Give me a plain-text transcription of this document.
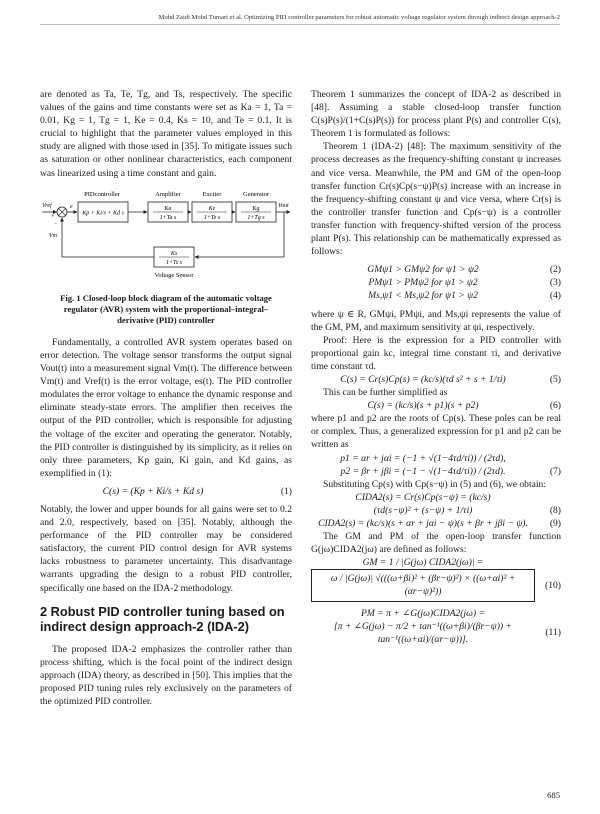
Mohd Zaidi Mohd Tumari et al. Optimizing PID controller parameters for robust automatic voltage regulator system through indirect design approach-2

are denoted as Ta, Te, Tg, and Ts, respectively. The specific values of the gains and time constants were set as Ka = 1, Ta = 0.01, Kg = 1, Tg = 1, Ke = 0.4, Ks = 10, and Te = 0.1. It is crucial to highlight that the parameter values employed in this study are aligned with those used in [35]. To mitigate issues such as saturation or other nonlinear characteristics, each component was linearized using a time constant and gain.

PIDcontroller	Amplifier	Exciter	Generator
Vref
+
−
e
Kp + Ki/s + Kd s
Ka
1+Ta s
Ke
1+Te s
Kg
1+Tg s
Vout
Ks
1+Ts s
Voltage Sensor
Vm
Fig. 1 Closed-loop block diagram of the automatic voltage regulator (AVR) system with the proportional–integral–derivative (PID) controller

Fundamentally, a controlled AVR system operates based on error detection. The voltage sensor transforms the output signal Vout(t) into a measurement signal Vm(t). The difference between Vm(t) and Vref(t) is the error voltage, es(t). The PID controller modulates the error voltage to enhance the dynamic response and eliminate steady-state errors. The amplifier then receives the output of the PID controller, which is responsible for adjusting the voltage of the exciter and operating the generator. Notably, the PID controller is distinguished by its simplicity, as it relies on only three parameters, Kp gain, Ki gain, and Kd gains, as exemplified in (1):

C(s) = (Kp + Ki/s + Kd s)	(1)

Notably, the lower and upper bounds for all gains were set to 0.2 and 2.0, respectively, based on [35]. Notably, although the performance of the PID controller may be considered satisfactory, the current PID control design for AVR systems lacks robustness to parameter uncertainty. This disadvantage warrants upgrading the design to a robust PID controller, specifically one based on the IDA-2 methodology.

2 Robust PID controller tuning based on indirect design approach-2 (IDA-2)

The proposed IDA-2 emphasizes the controller rather than process shifting, which is the focal point of the indirect design approach (IDA) theory, as described in [50]. This implies that the proposed PID tuning rules rely exclusively on the parameters of the optimized PID controller.

Theorem 1 summarizes the concept of IDA-2 as described in [48]. Assuming a stable closed-loop transfer function C(s)P(s)/(1+C(s)P(s)) for process plant P(s) and controller C(s), Theorem 1 is formulated as follows:

Theorem 1 (IDA-2) [48]: The maximum sensitivity of the process decreases as the frequency-shifting constant ψ increases and vice versa. Meanwhile, the PM and GM of the open-loop transfer function Cr(s)Cp(s−ψ)P(s) increase with an increase in the frequency-shifting constant ψ and vice versa, where Cr(s) is the controller transfer function and Cp(s−ψ) is a controller transfer function with frequency-shifted version of the process plant P(s). This relationship can be mathematically expressed as follows:

GMψ1 > GMψ2 for ψ1 > ψ2	(2)
PMψ1 > PMψ2 for ψ1 > ψ2	(3)
Ms,ψ1 < Ms,ψ2 for ψ1 > ψ2	(4)

where ψ ∈ R, GMψi, PMψi, and Ms,ψi represents the value of the GM, PM, and maximum sensitivity at ψi, respectively.

Proof: Here is the expression for a PID controller with proportional gain kc, integral time constant τi, and derivative time constant τd.

C(s) = Cr(s)Cp(s) = (kc/s)(τd s² + s + 1/τi)	(5)

This can be further simplified as

C(s) = (kc/s)(s + p1)(s + p2)	(6)

where p1 and p2 are the roots of Cp(s). These poles can be real or complex. Thus, a generalized expression for p1 and p2 can be written as

p1 = αr + jαi = (−1 + √(1−4τd/τi)) / (2τd),
p2 = βr + jβi = (−1 − √(1−4τd/τi)) / (2τd).	(7)

Substituting Cp(s) with Cp(s−ψ) in (5) and (6), we obtain:

CIDA2(s) = Cr(s)Cp(s−ψ) = (kc/s)
(τd(s−ψ)² + (s−ψ) + 1/τi)	(8)
CIDA2(s) = (kc/s)(s + αr + jαi − ψ)(s + βr + jβi − ψ).	(9)

The GM and PM of the open-loop transfer function G(jω)CIDA2(jω) are defined as follows:

GM = 1 / |G(jω) CIDA2(jω)| =
ω / |G(jω)| √(((ω+βi)² + (βr−ψ)²) × ((ω+αi)² + (αr−ψ)²))
(10)
PM = π + ∠G(jω)CIDA2(jω) =
[π + ∠G(jω) − π/2 + tan⁻¹((ω+βi)/(βr−ψ)) + tan⁻¹((ω+αi)/(αr−ψ))].
(11)
685
